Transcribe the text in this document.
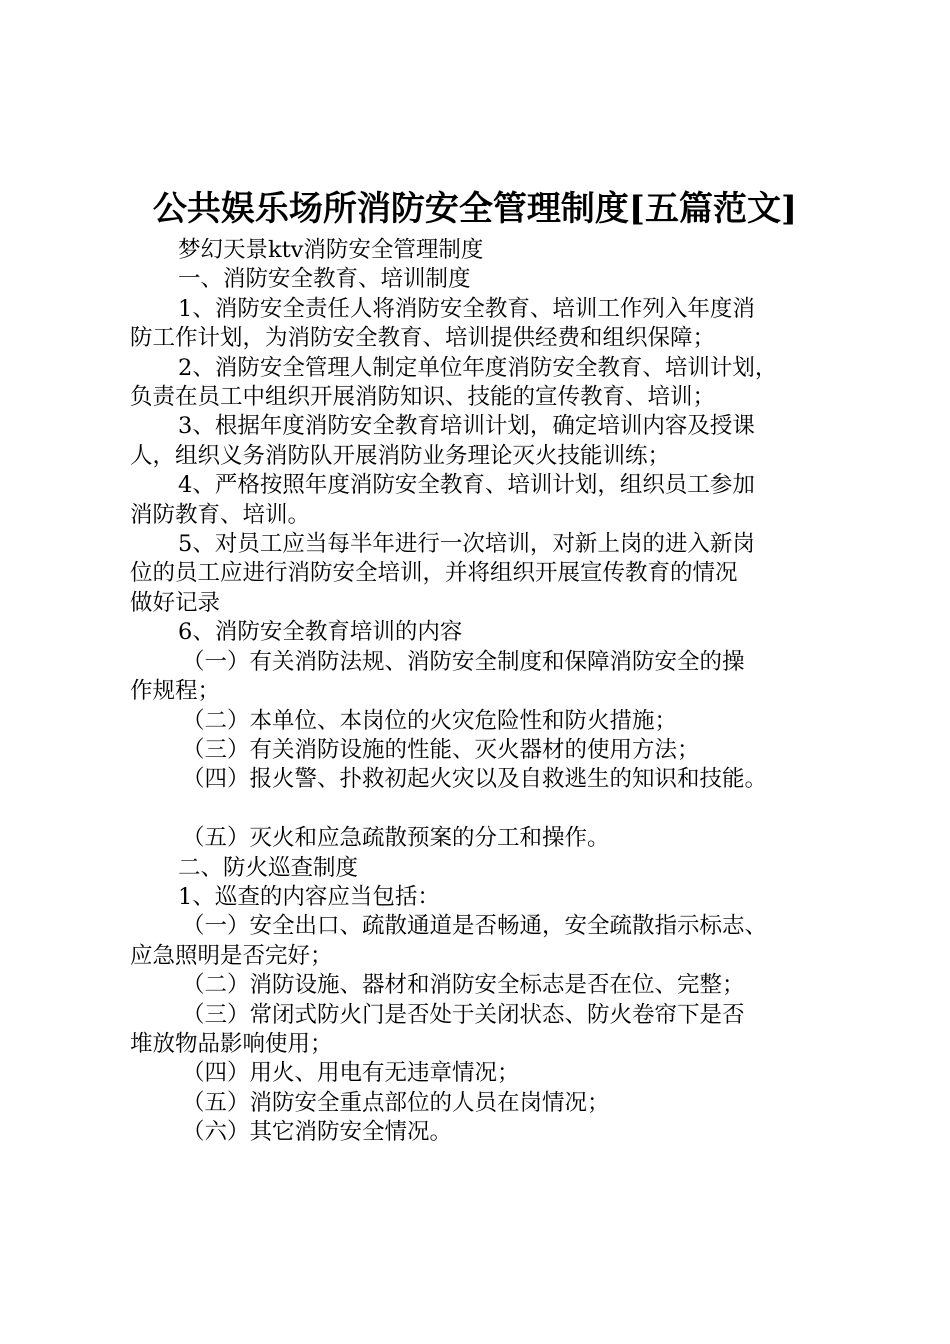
公共娱乐场所消防安全管理制度[五篇范文]

梦幻天景ktv消防安全管理制度

一、消防安全教育、培训制度

1、消防安全责任人将消防安全教育、培训工作列入年度消

防工作计划，为消防安全教育、培训提供经费和组织保障；

2、消防安全管理人制定单位年度消防安全教育、培训计划，

负责在员工中组织开展消防知识、技能的宣传教育、培训；

3、根据年度消防安全教育培训计划，确定培训内容及授课

人，组织义务消防队开展消防业务理论灭火技能训练；

4、严格按照年度消防安全教育、培训计划，组织员工参加

消防教育、培训。

5、对员工应当每半年进行一次培训，对新上岗的进入新岗

位的员工应进行消防安全培训，并将组织开展宣传教育的情况

做好记录

6、消防安全教育培训的内容

（一）有关消防法规、消防安全制度和保障消防安全的操

作规程；

（二）本单位、本岗位的火灾危险性和防火措施；

（三）有关消防设施的性能、灭火器材的使用方法；

（四）报火警、扑救初起火灾以及自救逃生的知识和技能。

（五）灭火和应急疏散预案的分工和操作。

二、防火巡查制度

1、巡查的内容应当包括：

（一）安全出口、疏散通道是否畅通，安全疏散指示标志、

应急照明是否完好；

（二）消防设施、器材和消防安全标志是否在位、完整；

（三）常闭式防火门是否处于关闭状态、防火卷帘下是否

堆放物品影响使用；

（四）用火、用电有无违章情况；

（五）消防安全重点部位的人员在岗情况；

（六）其它消防安全情况。
